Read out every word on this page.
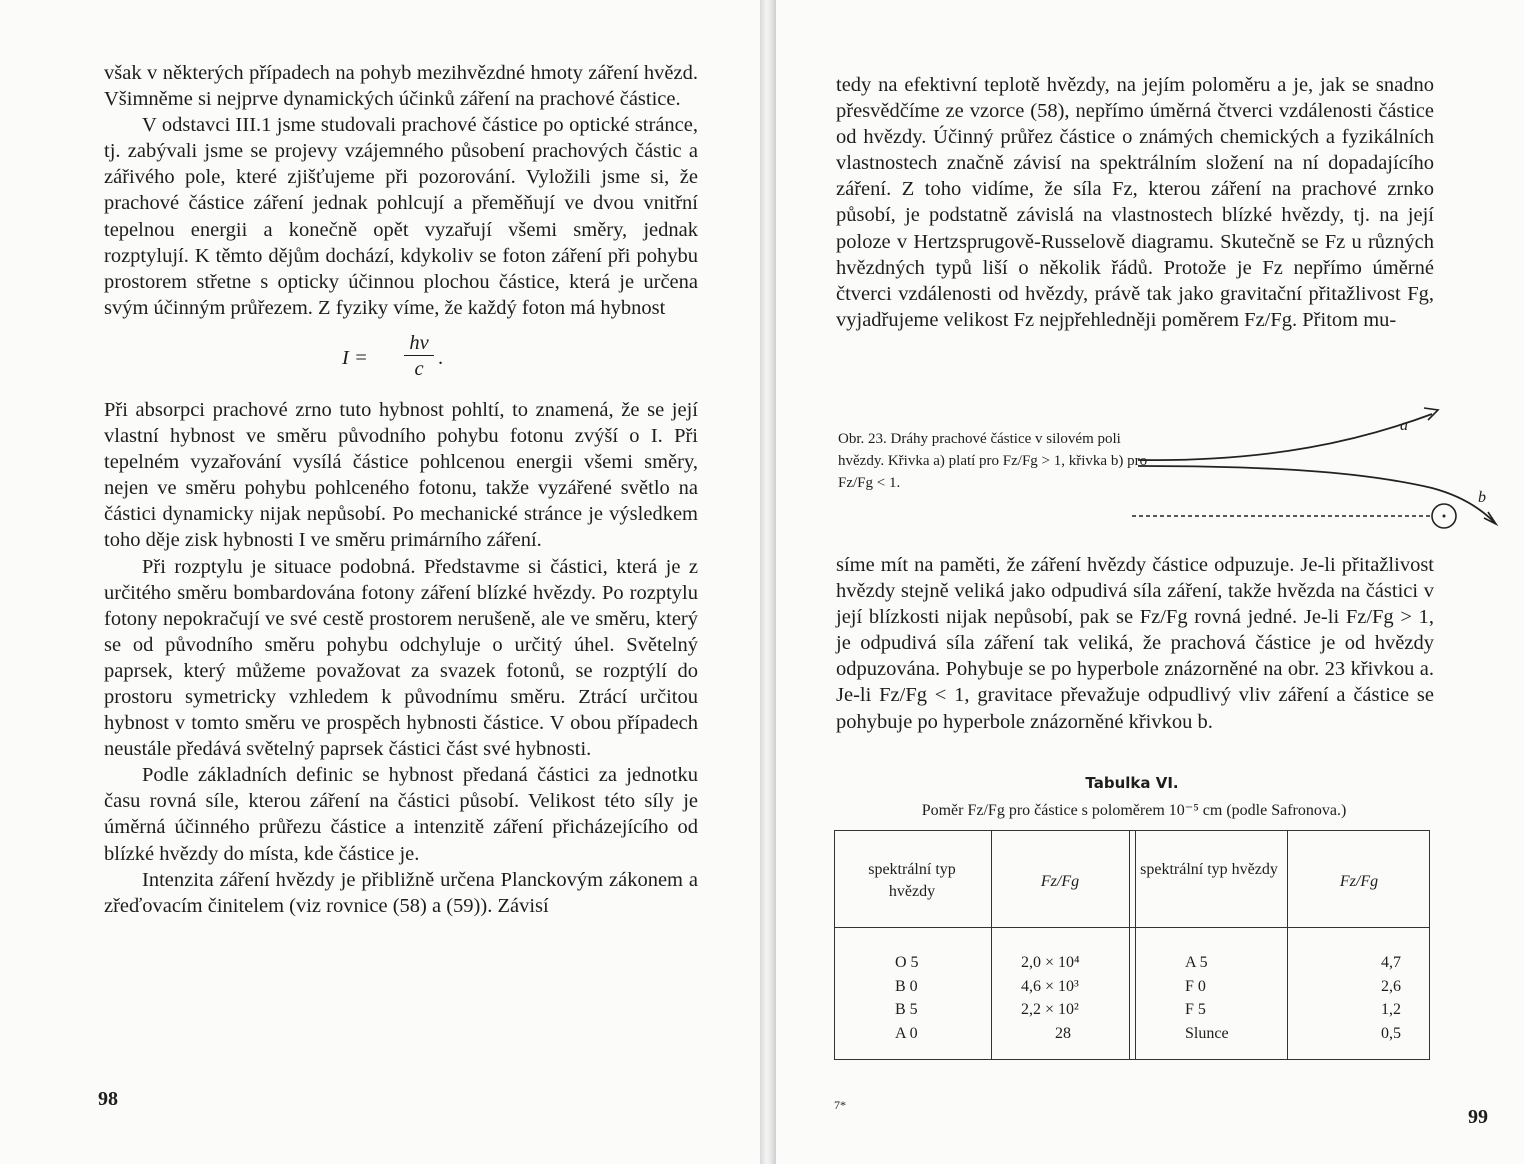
však v některých případech na pohyb mezihvězdné hmoty záření hvězd. Všimněme si nejprve dynamických účinků záření na prachové částice.

V odstavci III.1 jsme studovali prachové částice po optické stránce, tj. zabývali jsme se projevy vzájemného působení prachových částic a zářivého pole, které zjišťujeme při pozorování. Vyložili jsme si, že prachové částice záření jednak pohlcují a přeměňují ve dvou vnitřní tepelnou energii a konečně opět vyzařují všemi směry, jednak rozptylují. K těmto dějům dochází, kdykoliv se foton záření při pohybu prostorem střetne s opticky účinnou plochou částice, která je určena svým účinným průřezem. Z fyziky víme, že každý foton má hybnost

$I = \frac{h\nu}{c}$ .

Při absorpci prachové zrno tuto hybnost pohltí, to znamená, že se její vlastní hybnost ve směru původního pohybu fotonu zvýší o I. Při tepelném vyzařování vysílá částice pohlcenou energii všemi směry, nejen ve směru pohybu pohlceného fotonu, takže vyzářené světlo na částici dynamicky nijak nepůsobí. Po mechanické stránce je výsledkem toho děje zisk hybnosti I ve směru primárního záření.

Při rozptylu je situace podobná. Představme si částici, která je z určitého směru bombardována fotony záření blízké hvězdy. Po rozptylu fotony nepokračují ve své cestě prostorem nerušeně, ale ve směru, který se od původního směru pohybu odchyluje o určitý úhel. Světelný paprsek, který můžeme považovat za svazek fotonů, se rozptýlí do prostoru symetricky vzhledem k původnímu směru. Ztrácí určitou hybnost v tomto směru ve prospěch hybnosti částice. V obou případech neustále předává světelný paprsek částici část své hybnosti.

Podle základních definic se hybnost předaná částici za jednotku času rovná síle, kterou záření na částici působí. Velikost této síly je úměrná účinného průřezu částice a intenzitě záření přicházejícího od blízké hvězdy do místa, kde částice je.

Intenzita záření hvězdy je přibližně určena Planckovým zákonem a zřeďovacím činitelem (viz rovnice (58) a (59)). Závisí

98

tedy na efektivní teplotě hvězdy, na jejím poloměru a je, jak se snadno přesvědčíme ze vzorce (58), nepřímo úměrná čtverci vzdálenosti částice od hvězdy. Účinný průřez částice o známých chemických a fyzikálních vlastnostech značně závisí na spektrálním složení na ní dopadajícího záření. Z toho vidíme, že síla Fz, kterou záření na prachové zrnko působí, je podstatně závislá na vlastnostech blízké hvězdy, tj. na její poloze v Hertzsprugově-Russelově diagramu. Skutečně se Fz u různých hvězdných typů liší o několik řádů. Protože je Fz nepřímo úměrné čtverci vzdálenosti od hvězdy, právě tak jako gravitační přitažlivost Fg, vyjadřujeme velikost Fz nejpřehledněji poměrem Fz/Fg. Přitom mu-

Obr. 23. Dráhy prachové částice v silovém poli hvězdy. Křivka a) platí pro Fz/Fg > 1, křivka b) pro Fz/Fg < 1.
a
b

síme mít na paměti, že záření hvězdy částice odpuzuje. Je-li přitažlivost hvězdy stejně veliká jako odpudivá síla záření, takže hvězda na částici v její blízkosti nijak nepůsobí, pak se Fz/Fg rovná jedné. Je-li Fz/Fg > 1, je odpudivá síla záření tak veliká, že prachová částice je od hvězdy odpuzována. Pohybuje se po hyperbole znázorněné na obr. 23 křivkou a. Je-li Fz/Fg < 1, gravitace převažuje odpudlivý vliv záření a částice se pohybuje po hyperbole znázorněné křivkou b.

Tabulka VI.
Poměr Fz/Fg pro částice s poloměrem 10⁻⁵ cm (podle Safronova.)
spektrální typ hvězdy
Fz/Fg
spektrální typ hvězdy
Fz/Fg
O 5
B 0
B 5
A 0
2,0 × 10⁴
4,6 × 10³
2,2 × 10²
28
A 5
F 0
F 5
Slunce
4,7
2,6
1,2
0,5
7*
99
